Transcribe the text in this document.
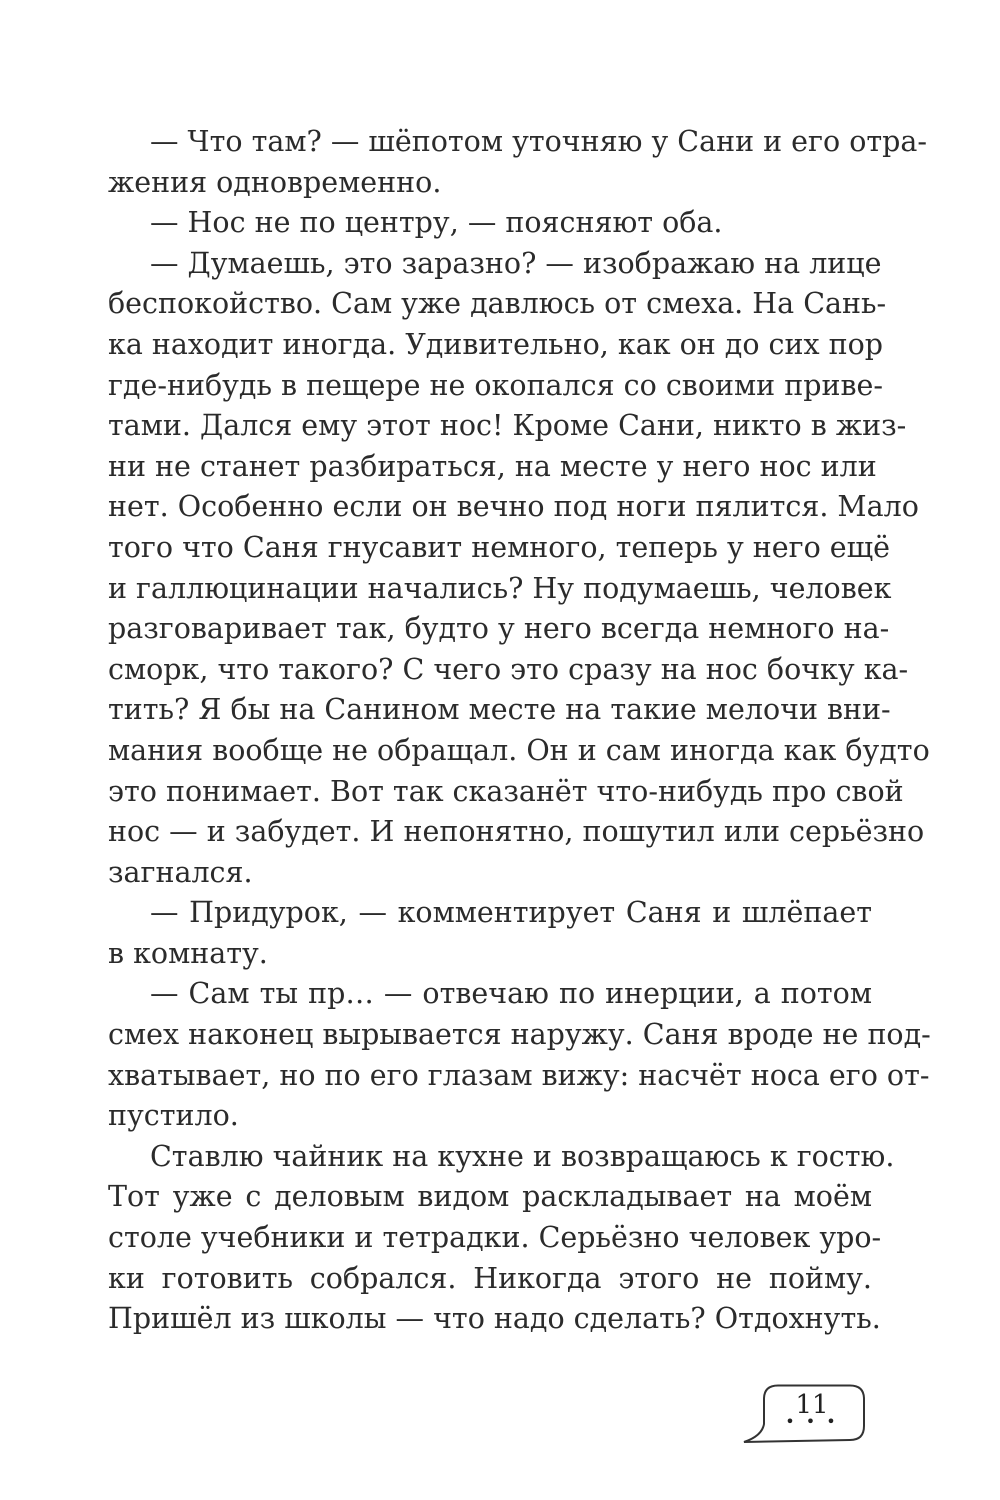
— Что там? — шёпотом уточняю у Сани и его отра-
жения одновременно.
— Нос не по центру, — поясняют оба.
— Думаешь, это заразно? — изображаю на лице
беспокойство. Сам уже давлюсь от смеха. На Сань-
ка находит иногда. Удивительно, как он до сих пор
где-нибудь в пещере не окопался со своими приве-
тами. Дался ему этот нос! Кроме Сани, никто в жиз-
ни не станет разбираться, на месте у него нос или
нет. Особенно если он вечно под ноги пялится. Мало
того что Саня гнусавит немного, теперь у него ещё
и галлюцинации начались? Ну подумаешь, человек
разговаривает так, будто у него всегда немного на-
сморк, что такого? С чего это сразу на нос бочку ка-
тить? Я бы на Санином месте на такие мелочи вни-
мания вообще не обращал. Он и сам иногда как будто
это понимает. Вот так сказанёт что-нибудь про свой
нос — и забудет. И непонятно, пошутил или серьёзно
загнался.
— Придурок, — комментирует Саня и шлёпает
в комнату.
— Сам ты пр… — отвечаю по инерции, а потом
смех наконец вырывается наружу. Саня вроде не под-
хватывает, но по его глазам вижу: насчёт носа его от-
пустило.
Ставлю чайник на кухне и возвращаюсь к гостю.
Тот уже с деловым видом раскладывает на моём
столе учебники и тетрадки. Серьёзно человек уро-
ки готовить собрался. Никогда этого не пойму.
Пришёл из школы — что надо сделать? Отдохнуть.
11
• • •
